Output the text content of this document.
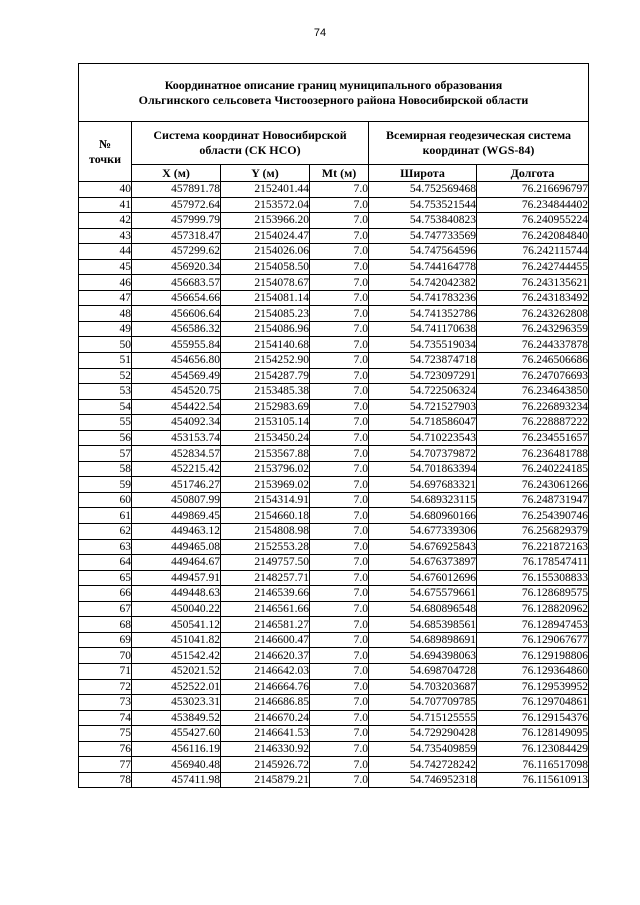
74
Координатное описание границ муниципального образования
Ольгинского сельсовета Чистоозерного района Новосибирской области					

№
точки	Система координат Новосибирской области (СК НСО)			Всемирная геодезическая система координат (WGS-84)	
	X (м)	Y (м)	Mt (м)	Широта	Долгота
40	457891.78	2152401.44	7.0	54.752569468	76.216696797
41	457972.64	2153572.04	7.0	54.753521544	76.234844402
42	457999.79	2153966.20	7.0	54.753840823	76.240955224
43	457318.47	2154024.47	7.0	54.747733569	76.242084840
44	457299.62	2154026.06	7.0	54.747564596	76.242115744
45	456920.34	2154058.50	7.0	54.744164778	76.242744455
46	456683.57	2154078.67	7.0	54.742042382	76.243135621
47	456654.66	2154081.14	7.0	54.741783236	76.243183492
48	456606.64	2154085.23	7.0	54.741352786	76.243262808
49	456586.32	2154086.96	7.0	54.741170638	76.243296359
50	455955.84	2154140.68	7.0	54.735519034	76.244337878
51	454656.80	2154252.90	7.0	54.723874718	76.246506686
52	454569.49	2154287.79	7.0	54.723097291	76.247076693
53	454520.75	2153485.38	7.0	54.722506324	76.234643850
54	454422.54	2152983.69	7.0	54.721527903	76.226893234
55	454092.34	2153105.14	7.0	54.718586047	76.228887222
56	453153.74	2153450.24	7.0	54.710223543	76.234551657
57	452834.57	2153567.88	7.0	54.707379872	76.236481788
58	452215.42	2153796.02	7.0	54.701863394	76.240224185
59	451746.27	2153969.02	7.0	54.697683321	76.243061266
60	450807.99	2154314.91	7.0	54.689323115	76.248731947
61	449869.45	2154660.18	7.0	54.680960166	76.254390746
62	449463.12	2154808.98	7.0	54.677339306	76.256829379
63	449465.08	2152553.28	7.0	54.676925843	76.221872163
64	449464.67	2149757.50	7.0	54.676373897	76.178547411
65	449457.91	2148257.71	7.0	54.676012696	76.155308833
66	449448.63	2146539.66	7.0	54.675579661	76.128689575
67	450040.22	2146561.66	7.0	54.680896548	76.128820962
68	450541.12	2146581.27	7.0	54.685398561	76.128947453
69	451041.82	2146600.47	7.0	54.689898691	76.129067677
70	451542.42	2146620.37	7.0	54.694398063	76.129198806
71	452021.52	2146642.03	7.0	54.698704728	76.129364860
72	452522.01	2146664.76	7.0	54.703203687	76.129539952
73	453023.31	2146686.85	7.0	54.707709785	76.129704861
74	453849.52	2146670.24	7.0	54.715125555	76.129154376
75	455427.60	2146641.53	7.0	54.729290428	76.128149095
76	456116.19	2146330.92	7.0	54.735409859	76.123084429
77	456940.48	2145926.72	7.0	54.742728242	76.116517098
78	457411.98	2145879.21	7.0	54.746952318	76.115610913
